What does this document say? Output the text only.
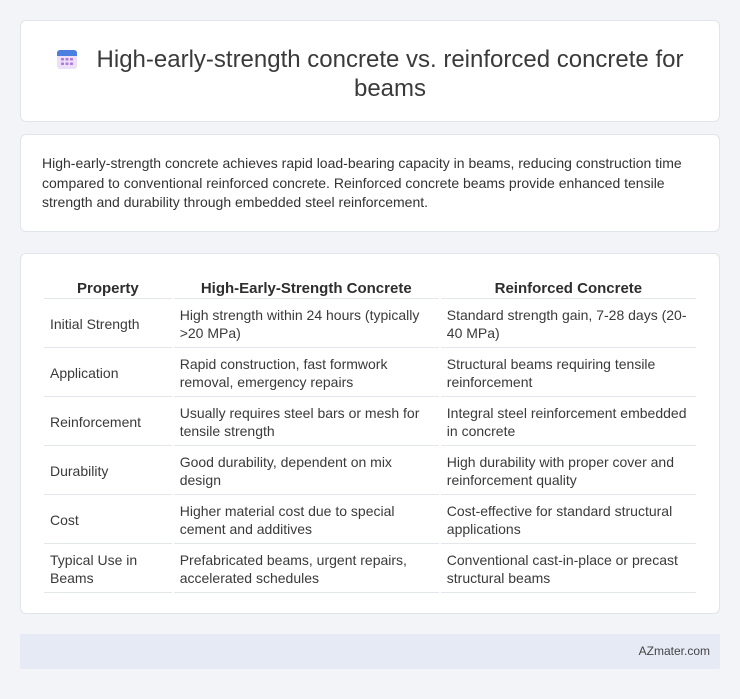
High-early-strength concrete vs. reinforced concrete for beams

High-early-strength concrete achieves rapid load-bearing capacity in beams, reducing construction time compared to conventional reinforced concrete. Reinforced concrete beams provide enhanced tensile strength and durability through embedded steel reinforcement.

Property	High-Early-Strength Concrete	Reinforced Concrete
Initial Strength	High strength within 24 hours (typically >20 MPa)	Standard strength gain, 7-28 days (20-40 MPa)
Application	Rapid construction, fast formwork removal, emergency repairs	Structural beams requiring tensile reinforcement
Reinforcement	Usually requires steel bars or mesh for tensile strength	Integral steel reinforcement embedded in concrete
Durability	Good durability, dependent on mix design	High durability with proper cover and reinforcement quality
Cost	Higher material cost due to special cement and additives	Cost-effective for standard structural applications
Typical Use in Beams	Prefabricated beams, urgent repairs, accelerated schedules	Conventional cast-in-place or precast structural beams
AZmater.com
